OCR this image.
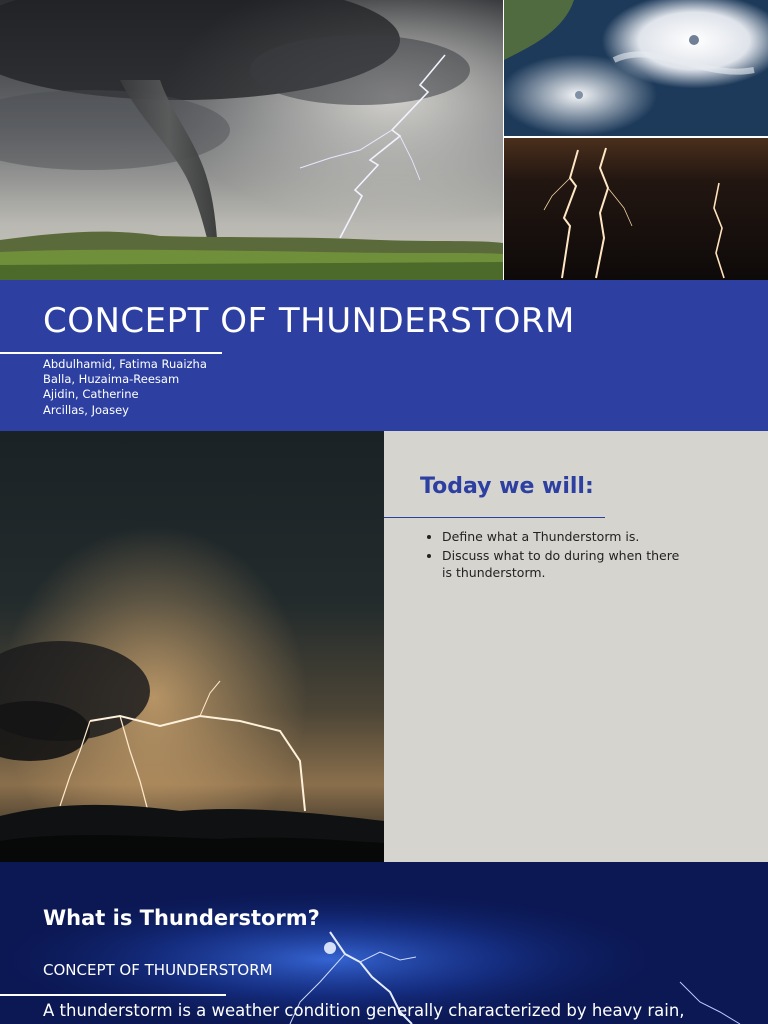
CONCEPT OF THUNDERSTORM
Abdulhamid, Fatima Ruaizha
Balla, Huzaima-Reesam
Ajidin, Catherine
Arcillas, Joasey
Today we will:
• Define what a Thunderstorm is.
• Discuss what to do during when there is thunderstorm.
What is Thunderstorm?
CONCEPT OF THUNDERSTORM
A thunderstorm is a weather condition generally characterized by heavy rain,
